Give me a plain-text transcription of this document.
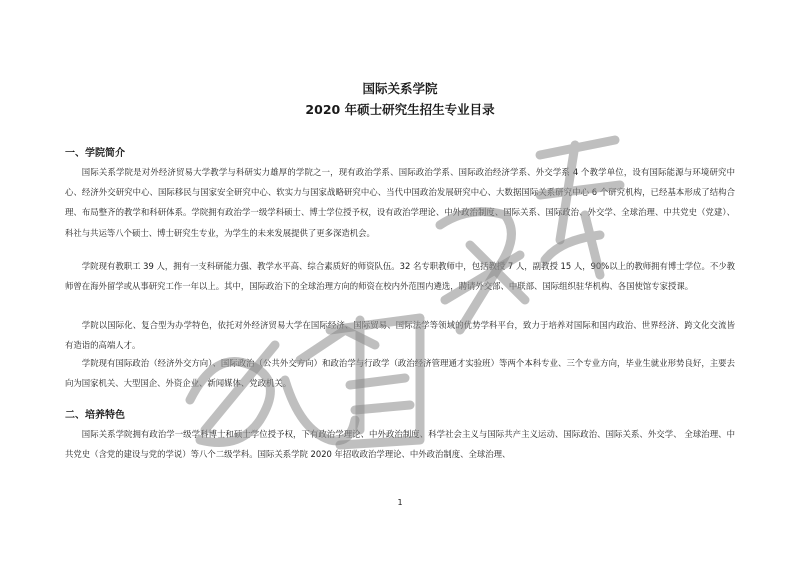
国际关系学院
2020 年硕士研究生招生专业目录
一、学院简介

国际关系学院是对外经济贸易大学教学与科研实力雄厚的学院之一，现有政治学系、国际政治学系、国际政治经济学系、外交学系 4 个教学单位，设有国际能源与环境研究中心、经济外交研究中心、国际移民与国家安全研究中心、软实力与国家战略研究中心、当代中国政治发展研究中心、大数据国际关系研究中心 6 个研究机构，已经基本形成了结构合理、布局整齐的教学和科研体系。学院拥有政治学一级学科硕士、博士学位授予权，设有政治学理论、中外政治制度、国际关系、国际政治、外交学、全球治理、中共党史（党建）、科社与共运等八个硕士、博士研究生专业，为学生的未来发展提供了更多深造机会。

学院现有教职工 39 人，拥有一支科研能力强、教学水平高、综合素质好的师资队伍。32 名专职教师中，包括教授 7 人，副教授 15 人，90%以上的教师拥有博士学位。不少教师曾在海外留学或从事研究工作一年以上。其中，国际政治下的全球治理方向的师资在校内外范围内遴选，聘请外交部、中联部、国际组织驻华机构、各国使馆专家授课。

学院以国际化、复合型为办学特色，依托对外经济贸易大学在国际经济、国际贸易、国际法学等领域的优势学科平台，致力于培养对国际和国内政治、世界经济、跨文化交流皆有造诣的高端人才。

学院现有国际政治（经济外交方向）、国际政治（公共外交方向）和政治学与行政学（政治经济管理通才实验班）等两个本科专业、三个专业方向，毕业生就业形势良好，主要去向为国家机关、大型国企、外资企业、新闻媒体、党政机关。

二、培养特色

国际关系学院拥有政治学一级学科博士和硕士学位授予权，下有政治学理论、中外政治制度、科学社会主义与国际共产主义运动、国际政治、国际关系、外交学、 全球治理、中共党史（含党的建设与党的学说）等八个二级学科。国际关系学院 2020 年招收政治学理论、中外政治制度、全球治理、

1
